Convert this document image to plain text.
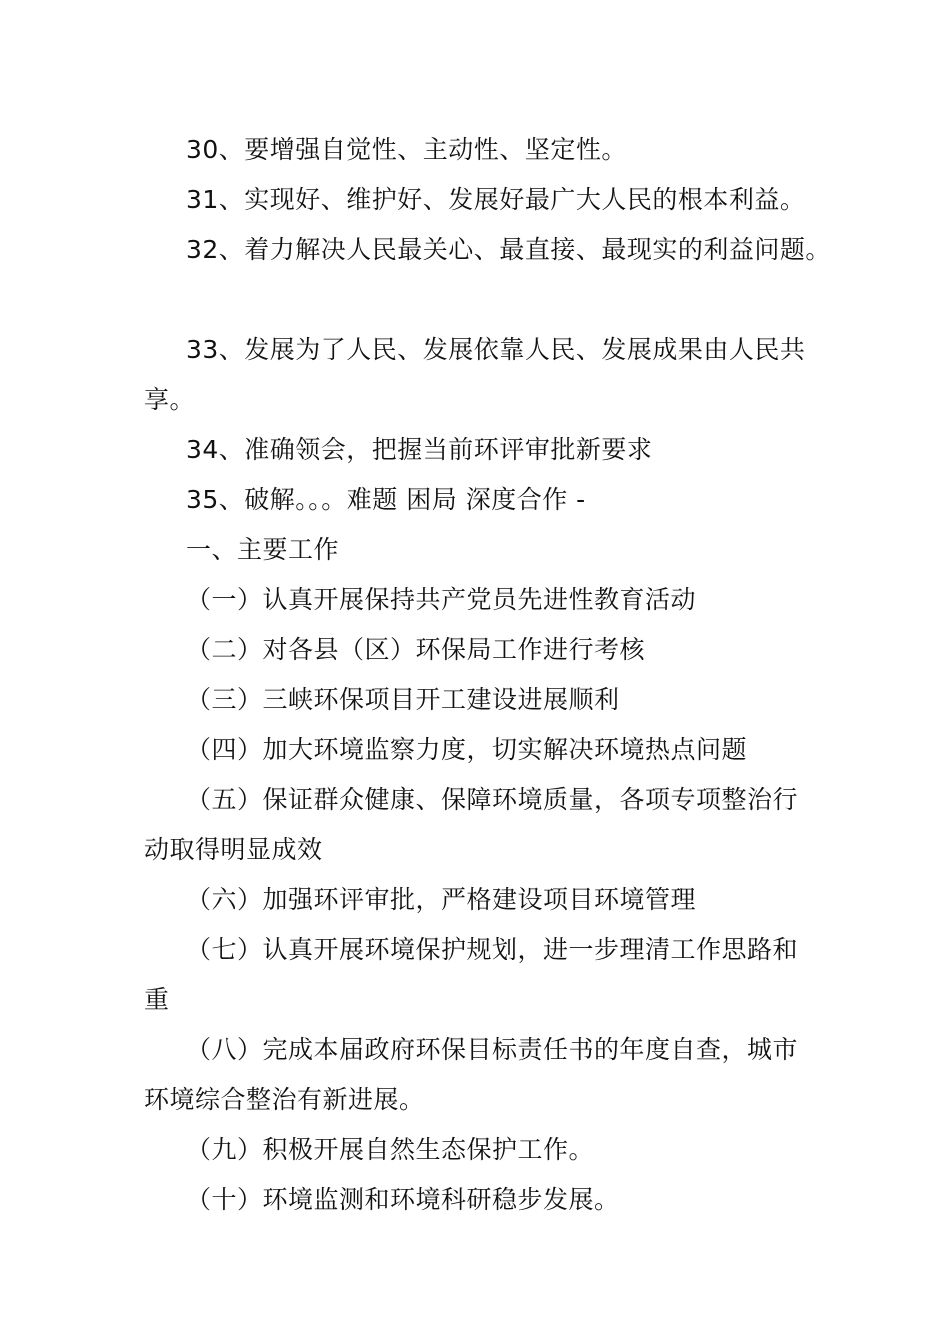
30、要增强自觉性、主动性、坚定性。
31、实现好、维护好、发展好最广大人民的根本利益。
32、着力解决人民最关心、最直接、最现实的利益问题。
33、发展为了人民、发展依靠人民、发展成果由人民共
享。
34、准确领会，把握当前环评审批新要求
35、破解。。。难题 困局 深度合作 -
一、主要工作
（一）认真开展保持共产党员先进性教育活动
（二）对各县（区）环保局工作进行考核
（三）三峡环保项目开工建设进展顺利
（四）加大环境监察力度，切实解决环境热点问题
（五）保证群众健康、保障环境质量，各项专项整治行
动取得明显成效
（六）加强环评审批，严格建设项目环境管理
（七）认真开展环境保护规划，进一步理清工作思路和
重
（八）完成本届政府环保目标责任书的年度自查，城市
环境综合整治有新进展。
（九）积极开展自然生态保护工作。
（十）环境监测和环境科研稳步发展。
